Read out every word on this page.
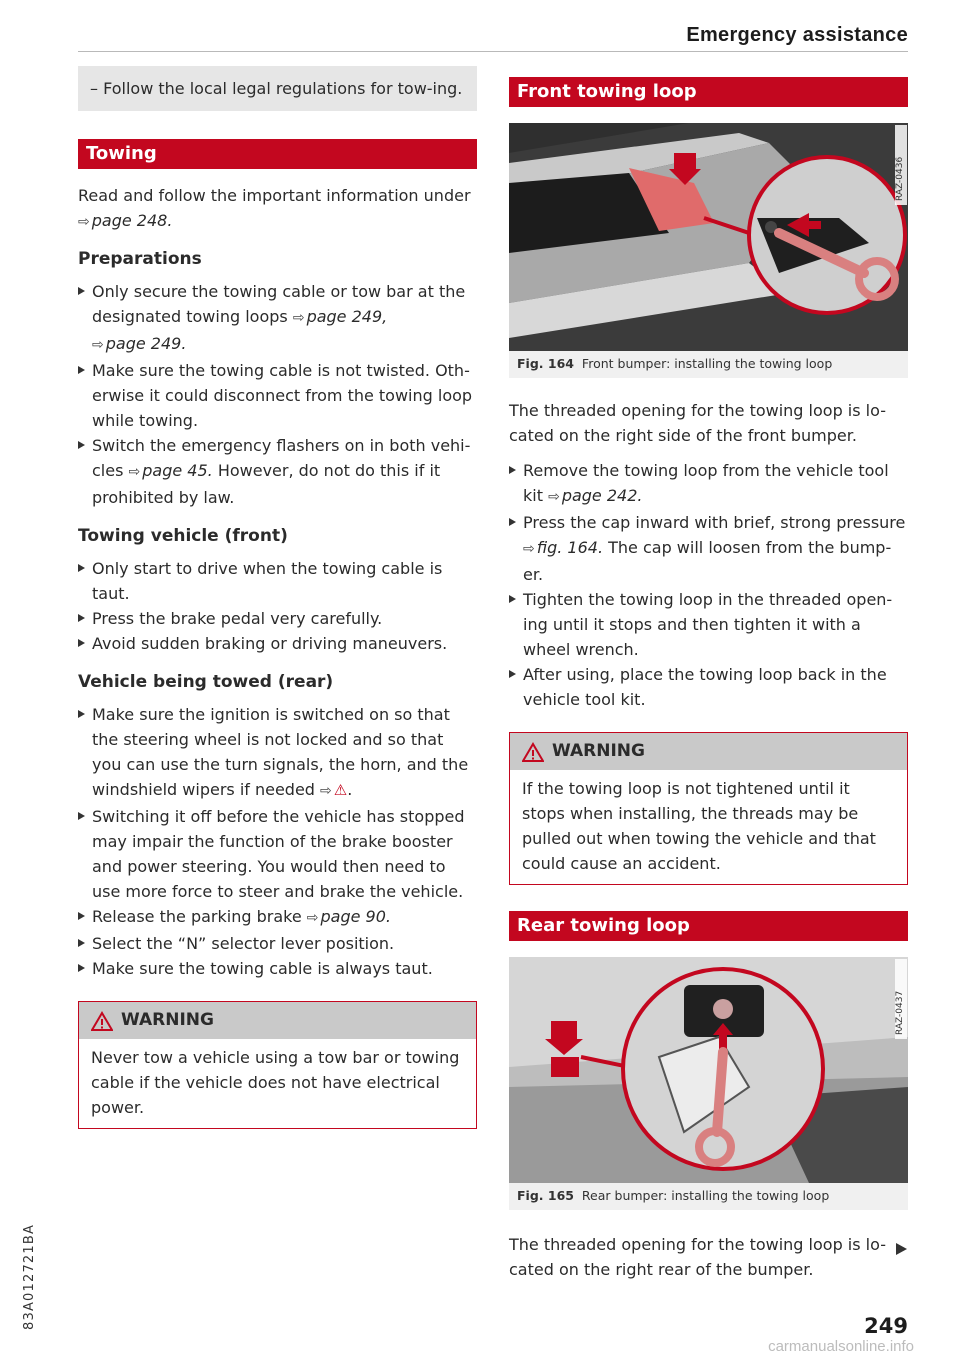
Emergency assistance
– Follow the local legal regulations for tow-ing.
Towing
Read and follow the important information under
⇨ page 248.
Preparations
Only secure the towing cable or tow bar at the designated towing loops ⇨ page 249,
⇨ page 249.
Make sure the towing cable is not twisted. Oth-erwise it could disconnect from the towing loop while towing.
Switch the emergency flashers on in both vehi-cles ⇨ page 45. However, do not do this if it prohibited by law.
Towing vehicle (front)
Only start to drive when the towing cable is taut.
Press the brake pedal very carefully.
Avoid sudden braking or driving maneuvers.
Vehicle being towed (rear)
Make sure the ignition is switched on so that the steering wheel is not locked and so that you can use the turn signals, the horn, and the windshield wipers if needed ⇨ ⚠.
Switching it off before the vehicle has stopped may impair the function of the brake booster and power steering. You would then need to use more force to steer and brake the vehicle.
Release the parking brake ⇨ page 90.
Select the “N” selector lever position.
Make sure the towing cable is always taut.
WARNING
Never tow a vehicle using a tow bar or towing cable if the vehicle does not have electrical power.
Front towing loop
RAZ-0436
Fig. 164 Front bumper: installing the towing loop
The threaded opening for the towing loop is lo-cated on the right side of the front bumper.
Remove the towing loop from the vehicle tool kit ⇨ page 242.
Press the cap inward with brief, strong pressure ⇨ fig. 164. The cap will loosen from the bump-er.
Tighten the towing loop in the threaded open-ing until it stops and then tighten it with a wheel wrench.
After using, place the towing loop back in the vehicle tool kit.
WARNING
If the towing loop is not tightened until it stops when installing, the threads may be pulled out when towing the vehicle and that could cause an accident.
Rear towing loop
RAZ-0437
Fig. 165 Rear bumper: installing the towing loop
The threaded opening for the towing loop is lo-cated on the right rear of the bumper.
83A012721BA	249
carmanualsonline.info
